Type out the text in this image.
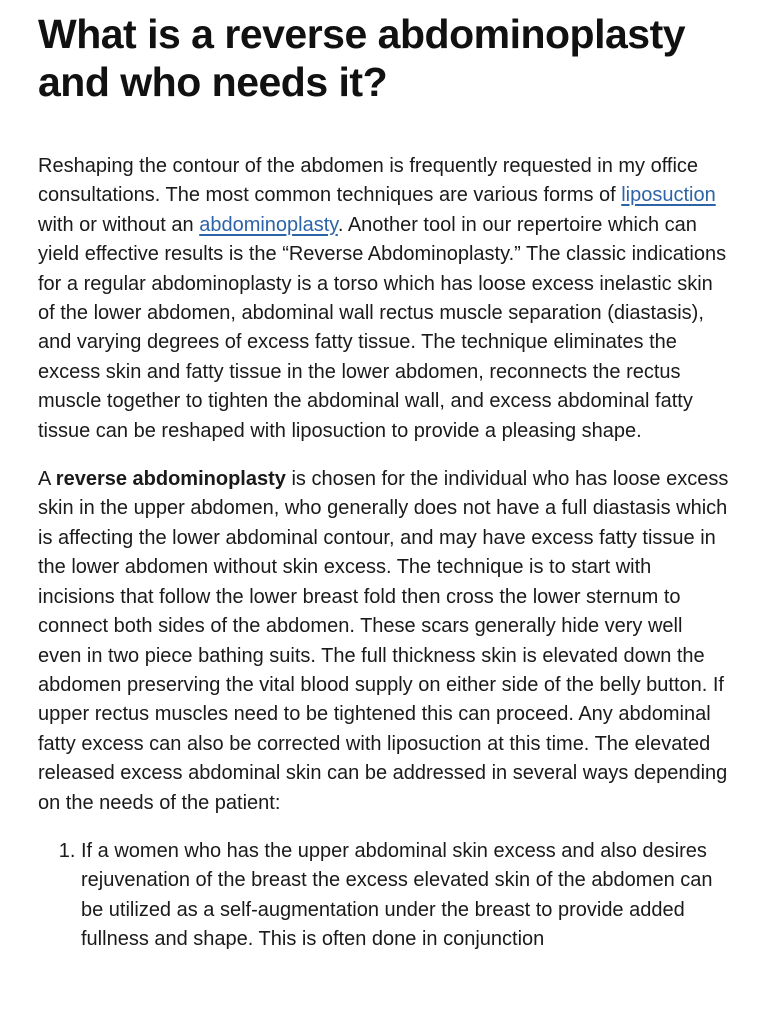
What is a reverse abdominoplasty and who needs it?

Reshaping the contour of the abdomen is frequently requested in my office consultations. The most common techniques are various forms of liposuction with or without an abdominoplasty. Another tool in our repertoire which can yield effective results is the “Reverse Abdominoplasty.” The classic indications for a regular abdominoplasty is a torso which has loose excess inelastic skin of the lower abdomen, abdominal wall rectus muscle separation (diastasis), and varying degrees of excess fatty tissue. The technique eliminates the excess skin and fatty tissue in the lower abdomen, reconnects the rectus muscle together to tighten the abdominal wall, and excess abdominal fatty tissue can be reshaped with liposuction to provide a pleasing shape.

A reverse abdominoplasty is chosen for the individual who has loose excess skin in the upper abdomen, who generally does not have a full diastasis which is affecting the lower abdominal contour, and may have excess fatty tissue in the lower abdomen without skin excess. The technique is to start with incisions that follow the lower breast fold then cross the lower sternum to connect both sides of the abdomen. These scars generally hide very well even in two piece bathing suits. The full thickness skin is elevated down the abdomen preserving the vital blood supply on either side of the belly button. If upper rectus muscles need to be tightened this can proceed. Any abdominal fatty excess can also be corrected with liposuction at this time. The elevated released excess abdominal skin can be addressed in several ways depending on the needs of the patient:

1. If a women who has the upper abdominal skin excess and also desires rejuvenation of the breast the excess elevated skin of the abdomen can be utilized as a self-augmentation under the breast to provide added fullness and shape. This is often done in conjunction
